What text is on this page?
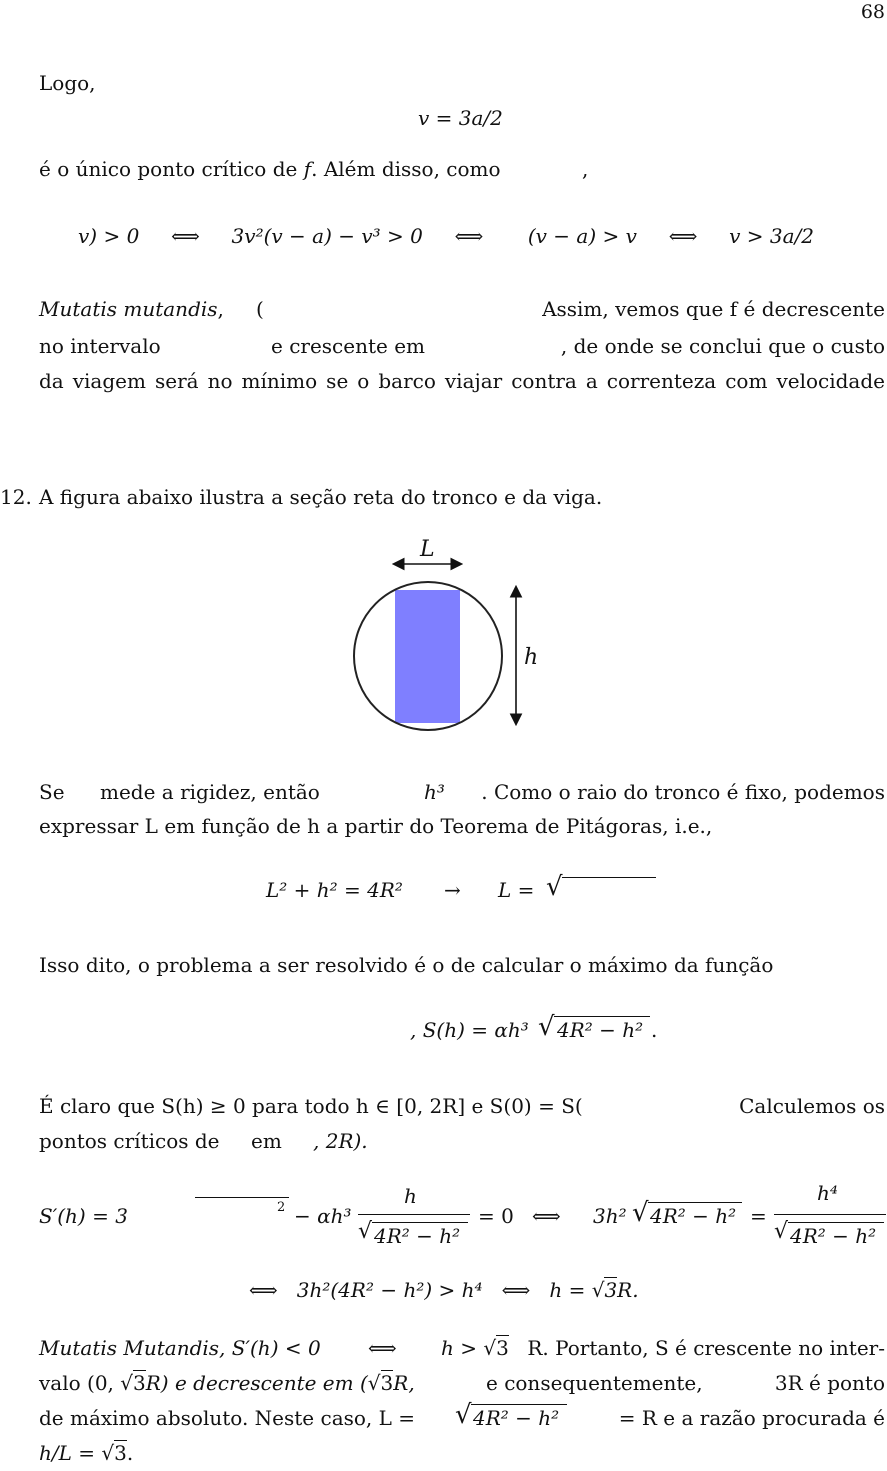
68
Logo,
v = 3a/2
é o único ponto crítico de f. Além disso, como	,
v) > 0     ⟺     3v²(v − a) − v³ > 0     ⟺       (v − a) > v     ⟺     v > 3a/2
Mutatis mutandis, (	Assim, vemos que f é decrescente
no intervalo	e crescente em	, de onde se conclui que o custo
da viagem será no mínimo se o barco viajar contra a correnteza com velocidade
12. A figura abaixo ilustra a seção reta do tronco e da viga.
L
h
Se mede a rigidez, então	h³ . Como o raio do tronco é fixo, podemos
expressar L em função de h a partir do Teorema de Pitágoras, i.e.,
L² + h² = 4R² → L = √
Isso dito, o problema a ser resolvido é o de calcular o máximo da função
, S(h) = αh³ √ 4R² − h² .
É claro que S(h) ≥ 0 para todo h ∈ [0, 2R] e S(0) = S(	Calculemos os
pontos críticos de em , 2R).
S′(h) = 3	2 − αh³
h
√ 4R² − h²
= 0 ⟺ 3h² √ 4R² − h² =
h⁴
√ 4R² − h²
⟺   3h²(4R² − h²) > h⁴   ⟺   h = √3R.
Mutatis Mutandis, S′(h) < 0 ⟺ h > √3 R. Portanto, S é crescente no inter-
valo (0, √3R) e decrescente em (√3R,	e consequentemente,	3R é ponto
de máximo absoluto. Neste caso, L = √ 4R² − h²	= R e a razão procurada é
h/L = √3.
